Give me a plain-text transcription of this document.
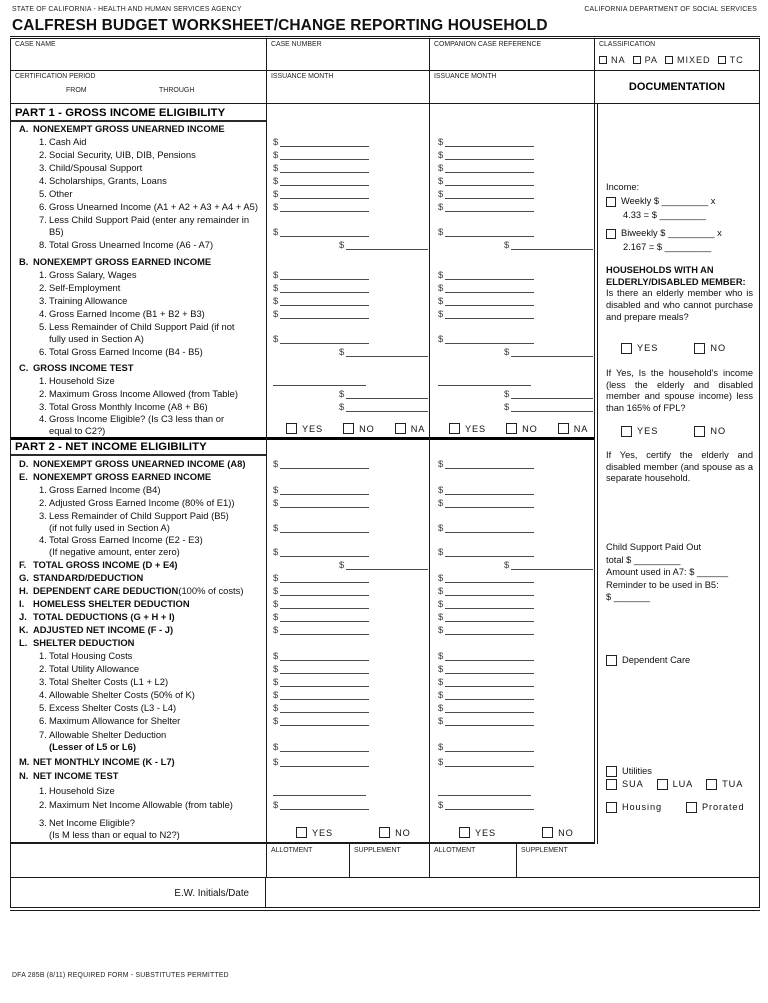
STATE OF CALIFORNIA - HEALTH AND HUMAN SERVICES AGENCY	CALIFORNIA DEPARTMENT OF SOCIAL SERVICES
CALFRESH BUDGET WORKSHEET/CHANGE REPORTING HOUSEHOLD
CASE NAME	CASE NUMBER	COMPANION CASE REFERENCE	CLASSIFICATION
NA PA MIXED TC
CERTIFICATION PERIOD
FROM	THROUGH
ISSUANCE MONTH	ISSUANCE MONTH
DOCUMENTATION
PART 1 - GROSS INCOME ELIGIBILITY
A. NONEXEMPT GROSS UNEARNED INCOME
1. Cash Aid	$	$
2. Social Security, UIB, DIB, Pensions	$	$
3. Child/Spousal Support	$	$
4. Scholarships, Grants, Loans	$	$
5. Other	$	$
6. Gross Unearned Income (A1 + A2 + A3 + A4 + A5) $	$
7. Less Child Support Paid (enter any remainder in
B5)	$	$
8. Total Gross Unearned Income (A6 - A7)	$	$
B. NONEXEMPT GROSS EARNED INCOME
1. Gross Salary, Wages	$	$
2. Self-Employment	$	$
3. Training Allowance	$	$
4. Gross Earned Income (B1 + B2 + B3)	$	$
5. Less Remainder of Child Support Paid (if not
fully used in Section A)	$	$
6. Total Gross Earned Income (B4 - B5)	$	$
C. GROSS INCOME TEST
1. Household Size
2. Maximum Gross Income Allowed (from Table)	$	$
3. Total Gross Monthly Income (A8 + B6)	$	$
4. Gross Income Eligible? (Is C3 less than or
equal to C2?)	YES	NO	NA	YES	NO	NA
PART 2 - NET INCOME ELIGIBILITY
D. NONEXEMPT GROSS UNEARNED INCOME (A8)	$	$
E. NONEXEMPT GROSS EARNED INCOME
1. Gross Earned Income (B4)	$	$
2. Adjusted Gross Earned Income (80% of E1))	$	$
3. Less Remainder of Child Support Paid (B5)
(if not fully used in Section A)	$	$
4. Total Gross Earned Income (E2 - E3)
(If negative amount, enter zero)	$	$
F. TOTAL GROSS INCOME (D + E4)	$	$
G. STANDARD/DEDUCTION	$	$
H. DEPENDENT CARE DEDUCTION (100% of costs)	$	$
I. HOMELESS SHELTER DEDUCTION	$	$
J. TOTAL DEDUCTIONS (G + H + I)	$	$
K. ADJUSTED NET INCOME (F - J)	$	$
L. SHELTER DEDUCTION
1. Total Housing Costs	$	$
2. Total Utility Allowance	$	$
3. Total Shelter Costs (L1 + L2)	$	$
4. Allowable Shelter Costs (50% of K)	$	$
5. Excess Shelter Costs (L3 - L4)	$	$
6. Maximum Allowance for Shelter	$	$
7. Allowable Shelter Deduction
(Lesser of L5 or L6)	$	$
M. NET MONTHLY INCOME (K - L7)	$	$
N. NET INCOME TEST
1. Household Size
2. Maximum Net Income Allowable (from table)	$	$
3. Net Income Eligible?
(Is M less than or equal to N2?)	YES	NO	YES	NO
Income:
Weekly $ _________ x
4.33 = $ _________
Biweekly $ _________ x
2.167 = $ _________
HOUSEHOLDS WITH AN ELDERLY/DISABLED MEMBER:
Is there an elderly member who is disabled and who cannot purchase and prepare meals?
YES	NO
If Yes, Is the household's income (less the elderly and disabled member and spouse income) less than 165% of FPL?
YES	NO
If Yes, certify the elderly and disabled member (and spouse as a separate household.
Child Support Paid Out
total $ _________
Amount used in A7: $ ______
Reminder to be used in B5:
$ _______
Dependent Care
Utilities
SUA	LUA	TUA
Housing	Prorated
ALLOTMENT	SUPPLEMENT	ALLOTMENT	SUPPLEMENT
E.W. Initials/Date
DFA 285B (8/11) REQUIRED FORM - SUBSTITUTES PERMITTED
